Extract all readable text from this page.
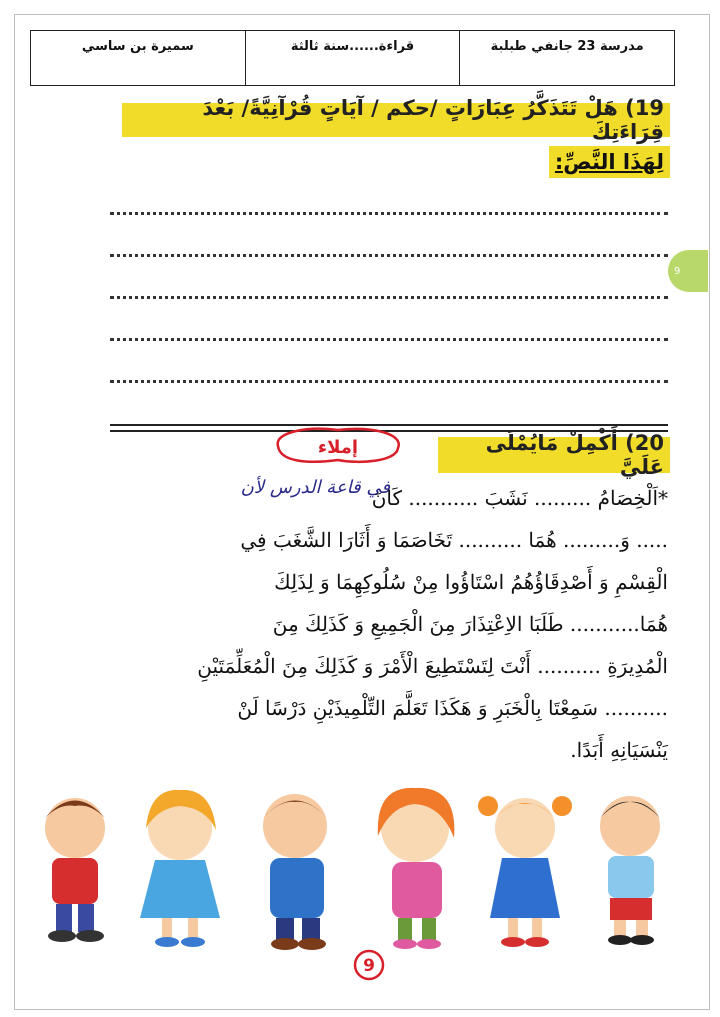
مدرسة 23 جانفي طبلبة
قراءة......سنة ثالثة
سميرة بن ساسي
19) هَلْ تَتَذَكَّرُ عِبَارَاتٍ /حكم / آيَاتٍ قُرْآنِيَّةً/ بَعْدَ قِرَاءَتِكَ
لِهَذَا النَّصِّ:
إملاء	20) أَكْمِلْ مَايُمْلَى عَلَيَّ
في قاعة الدرس لأن
*اَلْخِصَامُ ......... نَشَبَ ........... كَانَ
..... وَ......... هُمَا .......... تَخَاصَمَا وَ أَثَارَا الشَّغَبَ فِي
الْقِسْمِ وَ أَصْدِقَاؤُهُمُ اسْتَاؤُوا مِنْ سُلُوكِهِمَا وَ لِذَلِكَ
هُمَا........... طَلَبَا الاِعْتِذَارَ مِنَ الْجَمِيعِ وَ كَذَلِكَ مِنَ
الْمُدِيرَةِ .......... أَنْتَ لِتَسْتَطِيعَ الْأَمْرَ وَ كَذَلِكَ مِنَ الْمُعَلِّمَتَيْنِ
.......... سَمِعْتَا بِالْخَبَرِ وَ هَكَذَا تَعَلَّمَ التِّلْمِيذَيْنِ دَرْسًا لَنْ
يَنْسَيَانِهِ أَبَدًا.
9
9
